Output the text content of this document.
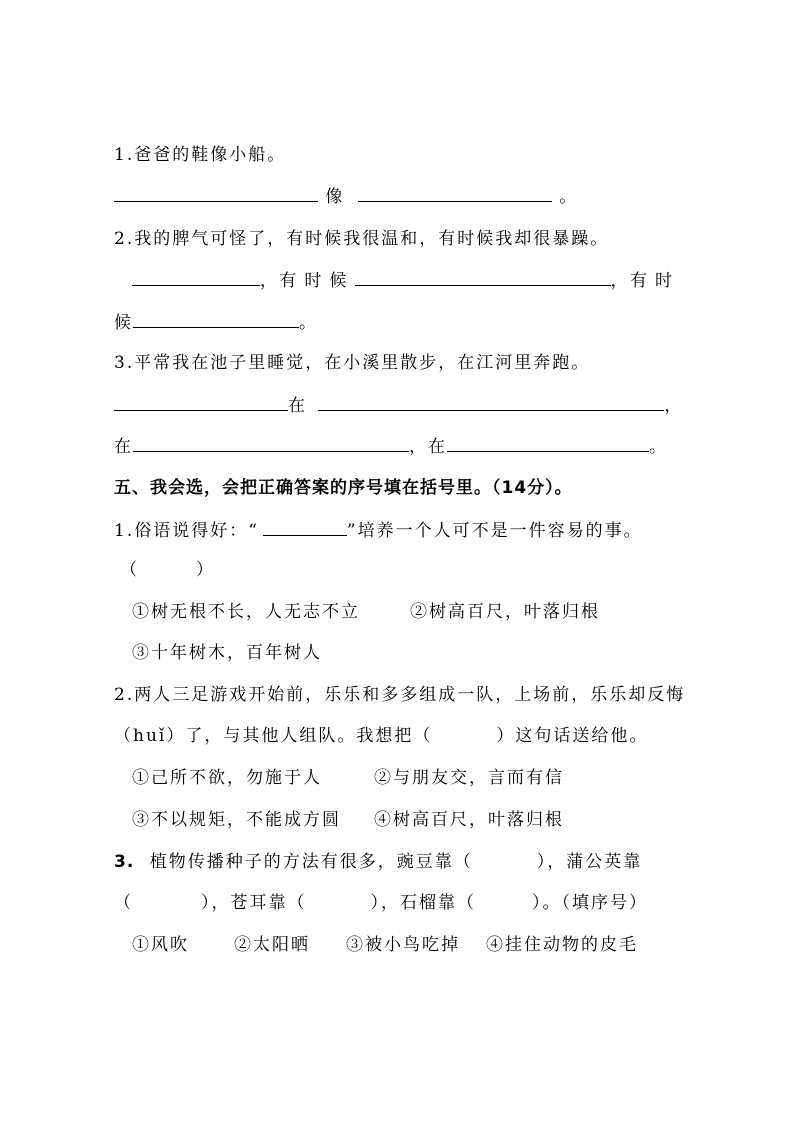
1.爸爸的鞋像小船。
像	。
2.我的脾气可怪了，有时候我很温和，有时候我却很暴躁。
， 有时候	， 有时
候	。
3.平常我在池子里睡觉，在小溪里散步，在江河里奔跑。
在	，
在	，在	。
五、我会选，会把正确答案的序号填在括号里。（14分）。
1.俗语说得好：“	”培养一个人可不是一件容易的事。
（　　　）
①树无根不长，人无志不立	②树高百尺，叶落归根
③十年树木，百年树人
2.两人三足游戏开始前，乐乐和多多组成一队，上场前，乐乐却反悔
（huǐ）了，与其他人组队。我想把（	）这句话送给他。
①己所不欲，勿施于人	②与朋友交，言而有信
③不以规矩，不能成方圆 ④树高百尺，叶落归根
3. 植物传播种子的方法有很多，豌豆靠（	），蒲公英靠
（	），苍耳靠（	），石榴靠（	）。（填序号）
①风吹	②太阳晒 ③被小鸟吃掉 ④挂住动物的皮毛
